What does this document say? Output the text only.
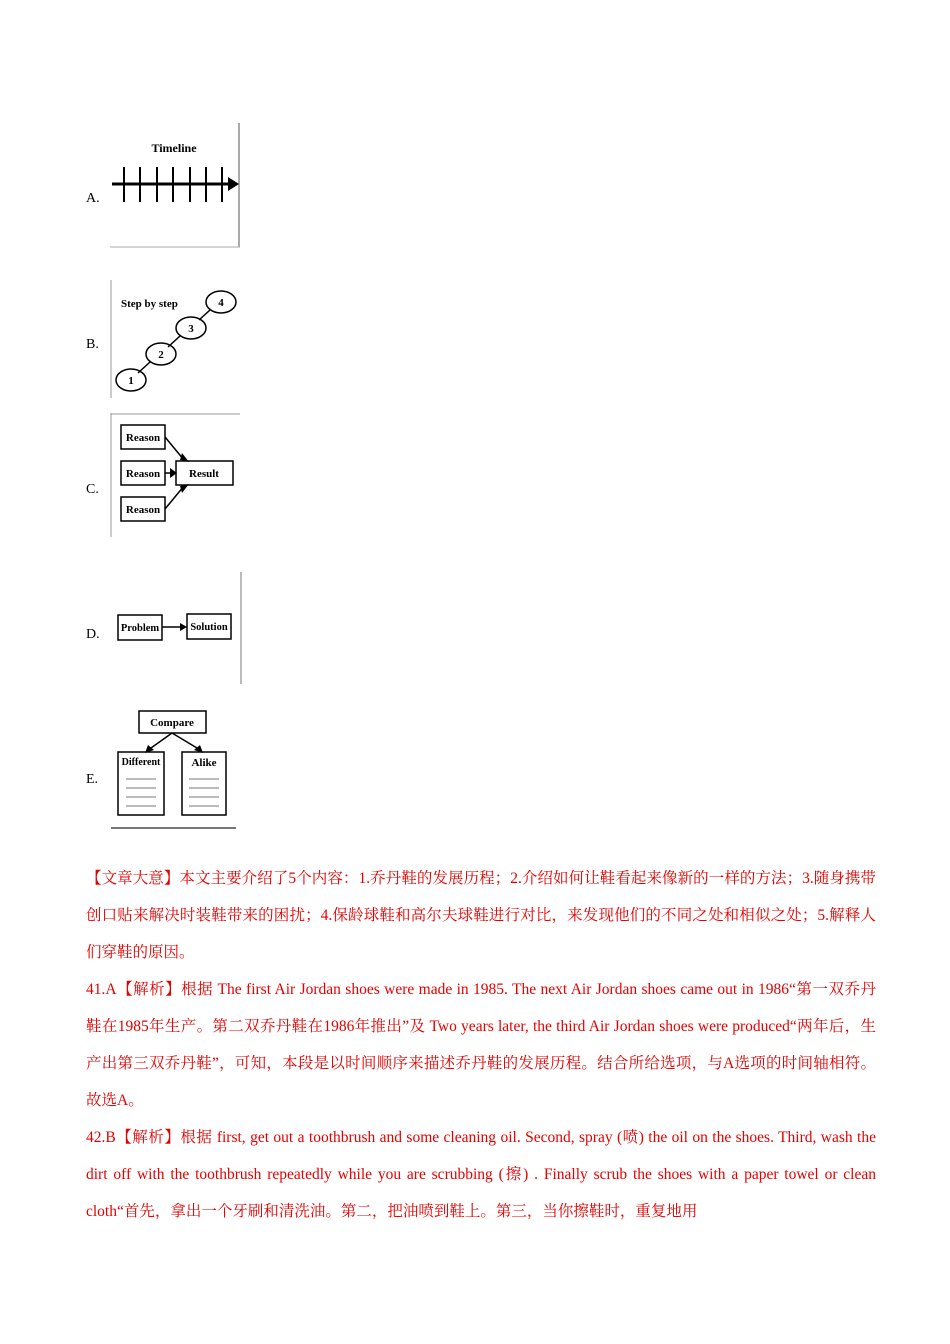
A.
Timeline
B.
Step by step
1
2
3
4
C.
Reason
Reason
Reason
Result
D. Problem	Solution
E.
Compare
Different	Alike

【文章大意】本文主要介绍了5个内容：1.乔丹鞋的发展历程；2.介绍如何让鞋看起来像新的一样的方法；3.随身携带创口贴来解决时装鞋带来的困扰；4.保龄球鞋和高尔夫球鞋进行对比，来发现他们的不同之处和相似之处；5.解释人们穿鞋的原因。

41.A【解析】根据 The first Air Jordan shoes were made in 1985. The next Air Jordan shoes came out in 1986“第一双乔丹鞋在1985年生产。第二双乔丹鞋在1986年推出”及 Two years later, the third Air Jordan shoes were produced“两年后，生产出第三双乔丹鞋”，可知，本段是以时间顺序来描述乔丹鞋的发展历程。结合所给选项，与A选项的时间轴相符。故选A。

42.B【解析】根据 first, get out a toothbrush and some cleaning oil. Second, spray (喷) the oil on the shoes. Third, wash the dirt off with the toothbrush repeatedly while you are scrubbing (擦) . Finally scrub the shoes with a paper towel or clean cloth“首先，拿出一个牙刷和清洗油。第二，把油喷到鞋上。第三，当你擦鞋时，重复地用
